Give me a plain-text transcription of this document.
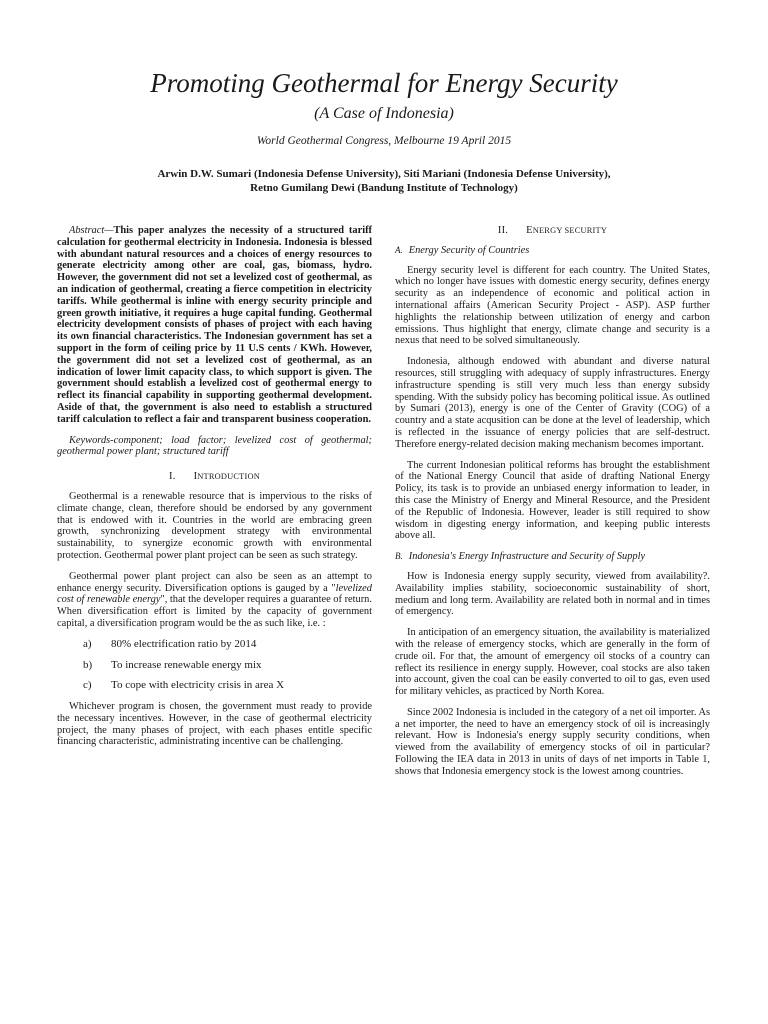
Promoting Geothermal for Energy Security
(A Case of Indonesia)
World Geothermal Congress, Melbourne 19 April 2015
Arwin D.W. Sumari (Indonesia Defense University), Siti Mariani (Indonesia Defense University),
Retno Gumilang Dewi (Bandung Institute of Technology)

Abstract—This paper analyzes the necessity of a structured tariff calculation for geothermal electricity in Indonesia. Indonesia is blessed with abundant natural resources and a choices of energy resources to generate electricity among other are coal, gas, biomass, hydro. However, the government did not set a levelized cost of geothermal, as an indication of geothermal, creating a fierce competition in electricity tariffs. While geothermal is inline with energy security principle and green growth initiative, it requires a huge capital funding. Geothermal electricity development consists of phases of project with each having its own financial characteristics. The Indonesian government has set a support in the form of ceiling price by 11 U.S cents / KWh. However, the government did not set a levelized cost of geothermal, as an indication of lower limit capacity class, to which support is given. The government should establish a levelized cost of geothermal energy to reflect its financial capability in supporting geothermal development. Aside of that, the government is also need to establish a structured tariff calculation to reflect a fair and transparent business cooperation.

Keywords-component; load factor; levelized cost of geothermal; geothermal power plant; structured tariff

I. INTRODUCTION

Geothermal is a renewable resource that is impervious to the risks of climate change, clean, therefore should be endorsed by any government that is endowed with it. Countries in the world are embracing green growth, synchronizing development strategy with environmental sustainability, to synergize economic growth with environmental protection. Geothermal power plant project can be seen as such strategy.

Geothermal power plant project can also be seen as an attempt to enhance energy security. Diversification options is gauged by a "levelized cost of renewable energy", that the developer requires a guarantee of return. When diversification effort is limited by the capacity of government capital, a diversification program would be the as such like, i.e. :

a)	80% electrification ratio by 2014
b)	To increase renewable energy mix
c)	To cope with electricity crisis in area X

Whichever program is chosen, the government must ready to provide the necessary incentives. However, in the case of geothermal electricity project, the many phases of project, with each phases entitle specific financing characteristic, administrating incentive can be challenging.

II. ENERGY SECURITY
A. Energy Security of Countries

Energy security level is different for each country. The United States, which no longer have issues with domestic energy security, defines energy security as an independence of economic and political action in international affairs (American Security Project - ASP). ASP further highlights the relationship between utilization of energy and carbon emissions. Thus highlight that energy, climate change and security is a nexus that need to be solved simultaneously.

Indonesia, although endowed with abundant and diverse natural resources, still struggling with adequacy of supply infrastructures. Energy infrastructure spending is still very much less than energy subsidy spending. With the subsidy policy has becoming political issue. As outlined by Sumari (2013), energy is one of the Center of Gravity (COG) of a country and a state acqusition can be done at the level of leadership, which is reflected in the issuance of energy policies that are self-destruct. Therefore energy-related decision making mechanism becomes important.

The current Indonesian political reforms has brought the establishment of the National Energy Council that aside of drafting National Energy Policy, its task is to provide an unbiased energy information to leader, in this case the Ministry of Energy and Mineral Resource, and the President of the Republic of Indonesia. However, leader is still required to show wisdom in digesting energy information, and keeping public interests above all.

B. Indonesia's Energy Infrastructure and Security of Supply

How is Indonesia energy supply security, viewed from availability?. Availability implies stability, socioeconomic sustainability of short, medium and long term. Availability are related both in normal and in times of emergency.

In anticipation of an emergency situation, the availability is materialized with the release of emergency stocks, which are generally in the form of crude oil. For that, the amount of emergency oil stocks of a country can reflect its resilience in energy supply. However, coal stocks are also taken into account, given the coal can be easily converted to oil to gas, even used for military vehicles, as practiced by North Korea.

Since 2002 Indonesia is included in the category of a net oil importer. As a net importer, the need to have an emergency stock of oil is increasingly relevant. How is Indonesia's energy supply security conditions, when viewed from the availability of emergency stocks of oil in particular? Following the IEA data in 2013 in units of days of net imports in Table 1, shows that Indonesia emergency stock is the lowest among countries.
